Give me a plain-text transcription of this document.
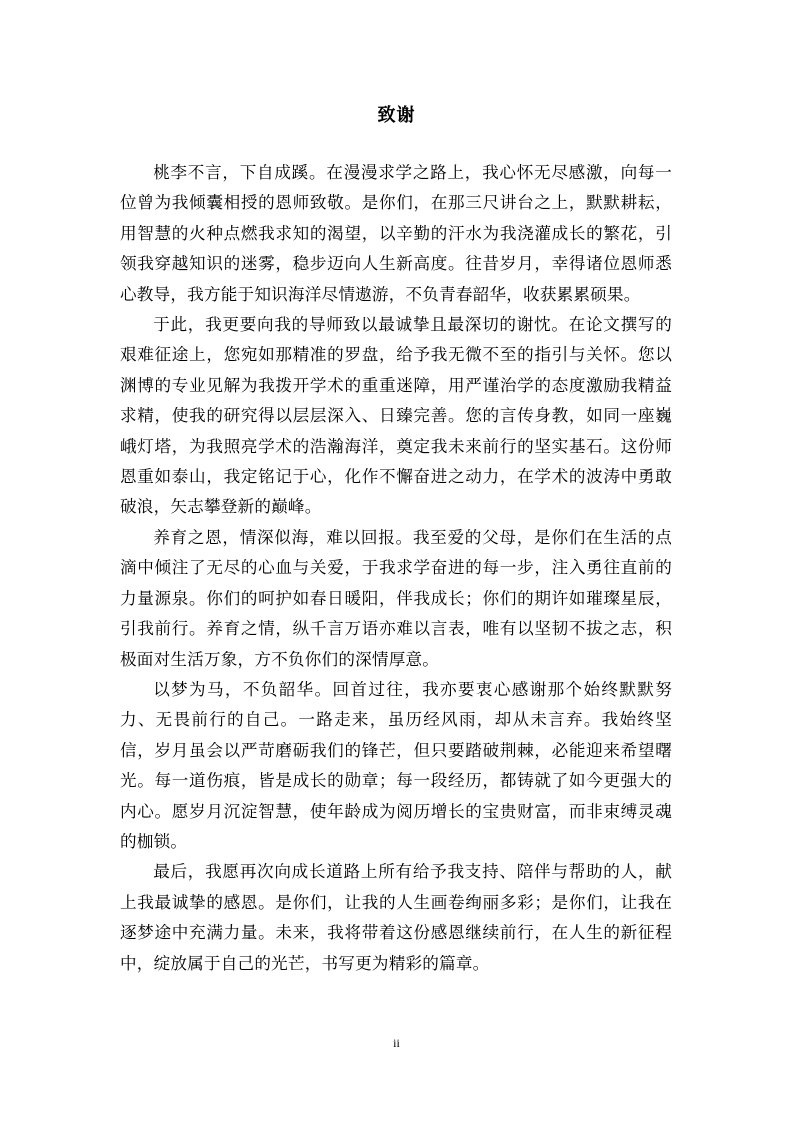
致谢

桃李不言，下自成蹊。在漫漫求学之路上，我心怀无尽感激，向每一位曾为我倾囊相授的恩师致敬。是你们，在那三尺讲台之上，默默耕耘，用智慧的火种点燃我求知的渴望，以辛勤的汗水为我浇灌成长的繁花，引领我穿越知识的迷雾，稳步迈向人生新高度。往昔岁月，幸得诸位恩师悉心教导，我方能于知识海洋尽情遨游，不负青春韶华，收获累累硕果。

于此，我更要向我的导师致以最诚挚且最深切的谢忱。在论文撰写的艰难征途上，您宛如那精准的罗盘，给予我无微不至的指引与关怀。您以渊博的专业见解为我拨开学术的重重迷障，用严谨治学的态度激励我精益求精，使我的研究得以层层深入、日臻完善。您的言传身教，如同一座巍峨灯塔，为我照亮学术的浩瀚海洋，奠定我未来前行的坚实基石。这份师恩重如泰山，我定铭记于心，化作不懈奋进之动力，在学术的波涛中勇敢破浪，矢志攀登新的巅峰。

养育之恩，情深似海，难以回报。我至爱的父母，是你们在生活的点滴中倾注了无尽的心血与关爱，于我求学奋进的每一步，注入勇往直前的力量源泉。你们的呵护如春日暖阳，伴我成长；你们的期许如璀璨星辰，引我前行。养育之情，纵千言万语亦难以言表，唯有以坚韧不拔之志，积极面对生活万象，方不负你们的深情厚意。

以梦为马，不负韶华。回首过往，我亦要衷心感谢那个始终默默努力、无畏前行的自己。一路走来，虽历经风雨，却从未言弃。我始终坚信，岁月虽会以严苛磨砺我们的锋芒，但只要踏破荆棘，必能迎来希望曙光。每一道伤痕，皆是成长的勋章；每一段经历，都铸就了如今更强大的内心。愿岁月沉淀智慧，使年龄成为阅历增长的宝贵财富，而非束缚灵魂的枷锁。

最后，我愿再次向成长道路上所有给予我支持、陪伴与帮助的人，献上我最诚挚的感恩。是你们，让我的人生画卷绚丽多彩；是你们，让我在逐梦途中充满力量。未来，我将带着这份感恩继续前行，在人生的新征程中，绽放属于自己的光芒，书写更为精彩的篇章。

ii
